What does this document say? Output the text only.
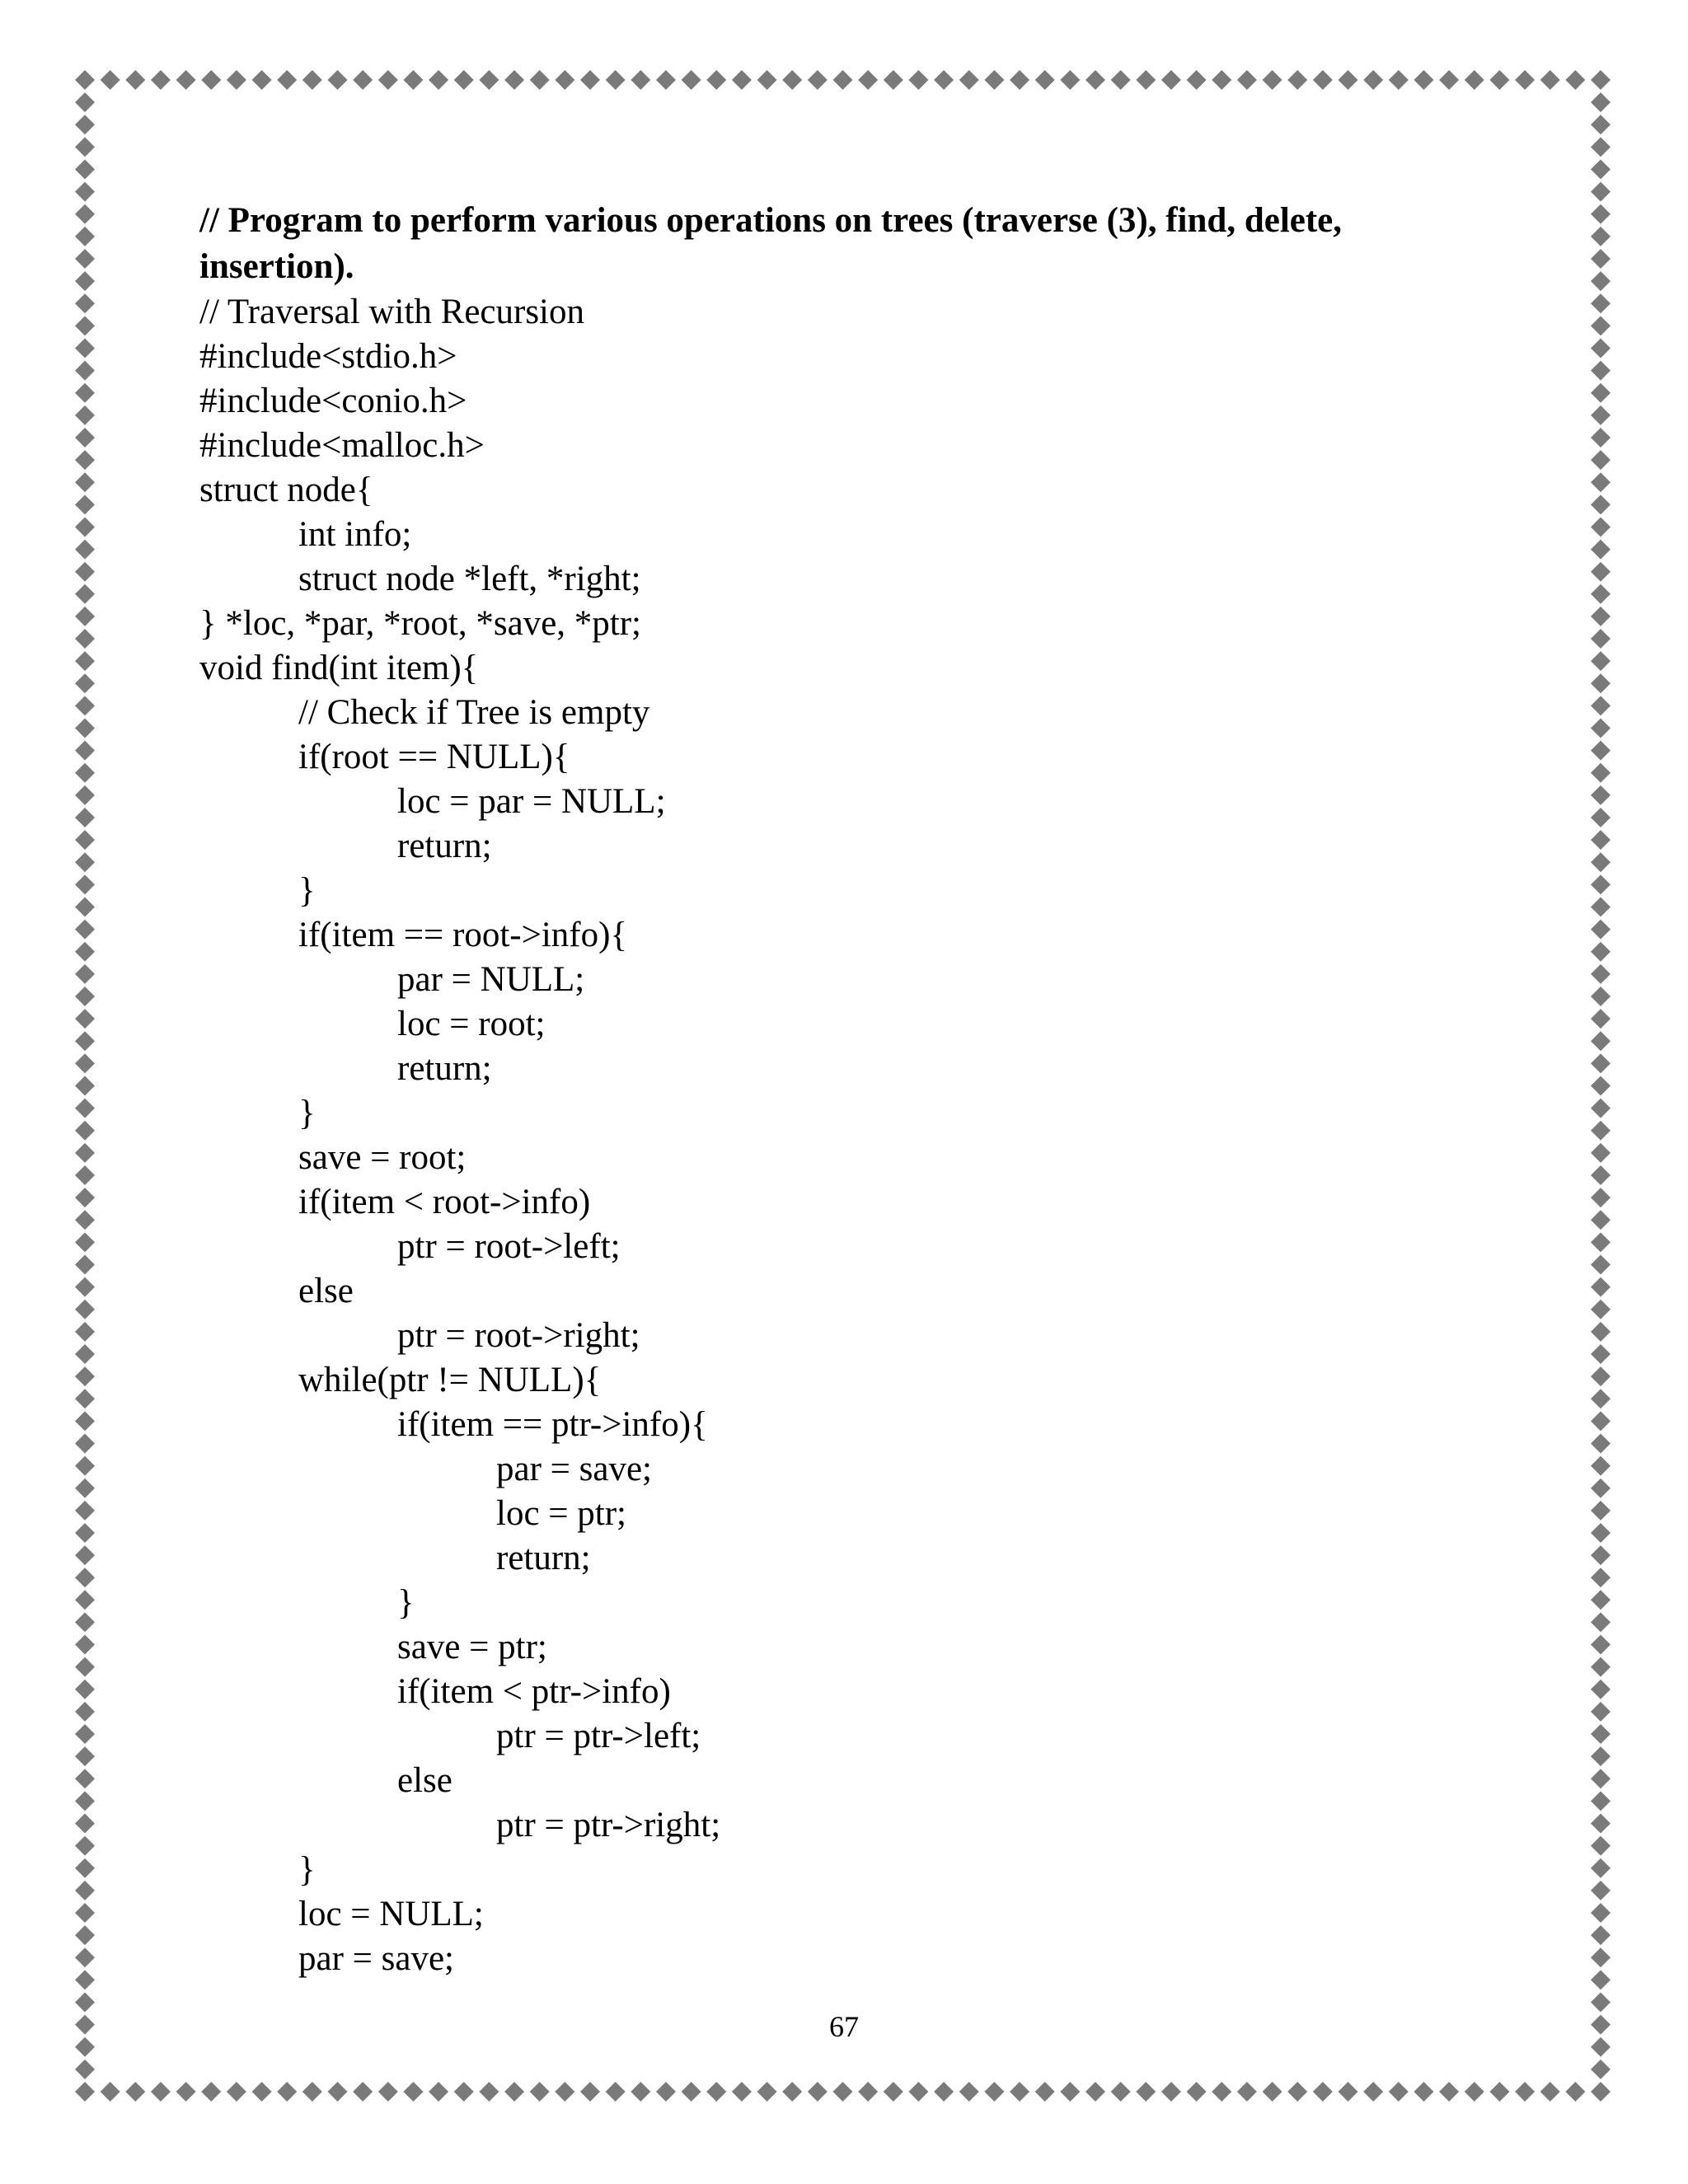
// Program to perform various operations on trees (traverse (3), find, delete, insertion).
// Traversal with Recursion
#include<stdio.h>
#include<conio.h>
#include<malloc.h>
struct node{
int info;
struct node *left, *right;
} *loc, *par, *root, *save, *ptr;
void find(int item){
// Check if Tree is empty
if(root == NULL){
loc = par = NULL;
return;
}
if(item == root->info){
par = NULL;
loc = root;
return;
}
save = root;
if(item < root->info)
ptr = root->left;
else
ptr = root->right;
while(ptr != NULL){
if(item == ptr->info){
par = save;
loc = ptr;
return;
}
save = ptr;
if(item < ptr->info)
ptr = ptr->left;
else
ptr = ptr->right;
}
loc = NULL;
par = save;
67
